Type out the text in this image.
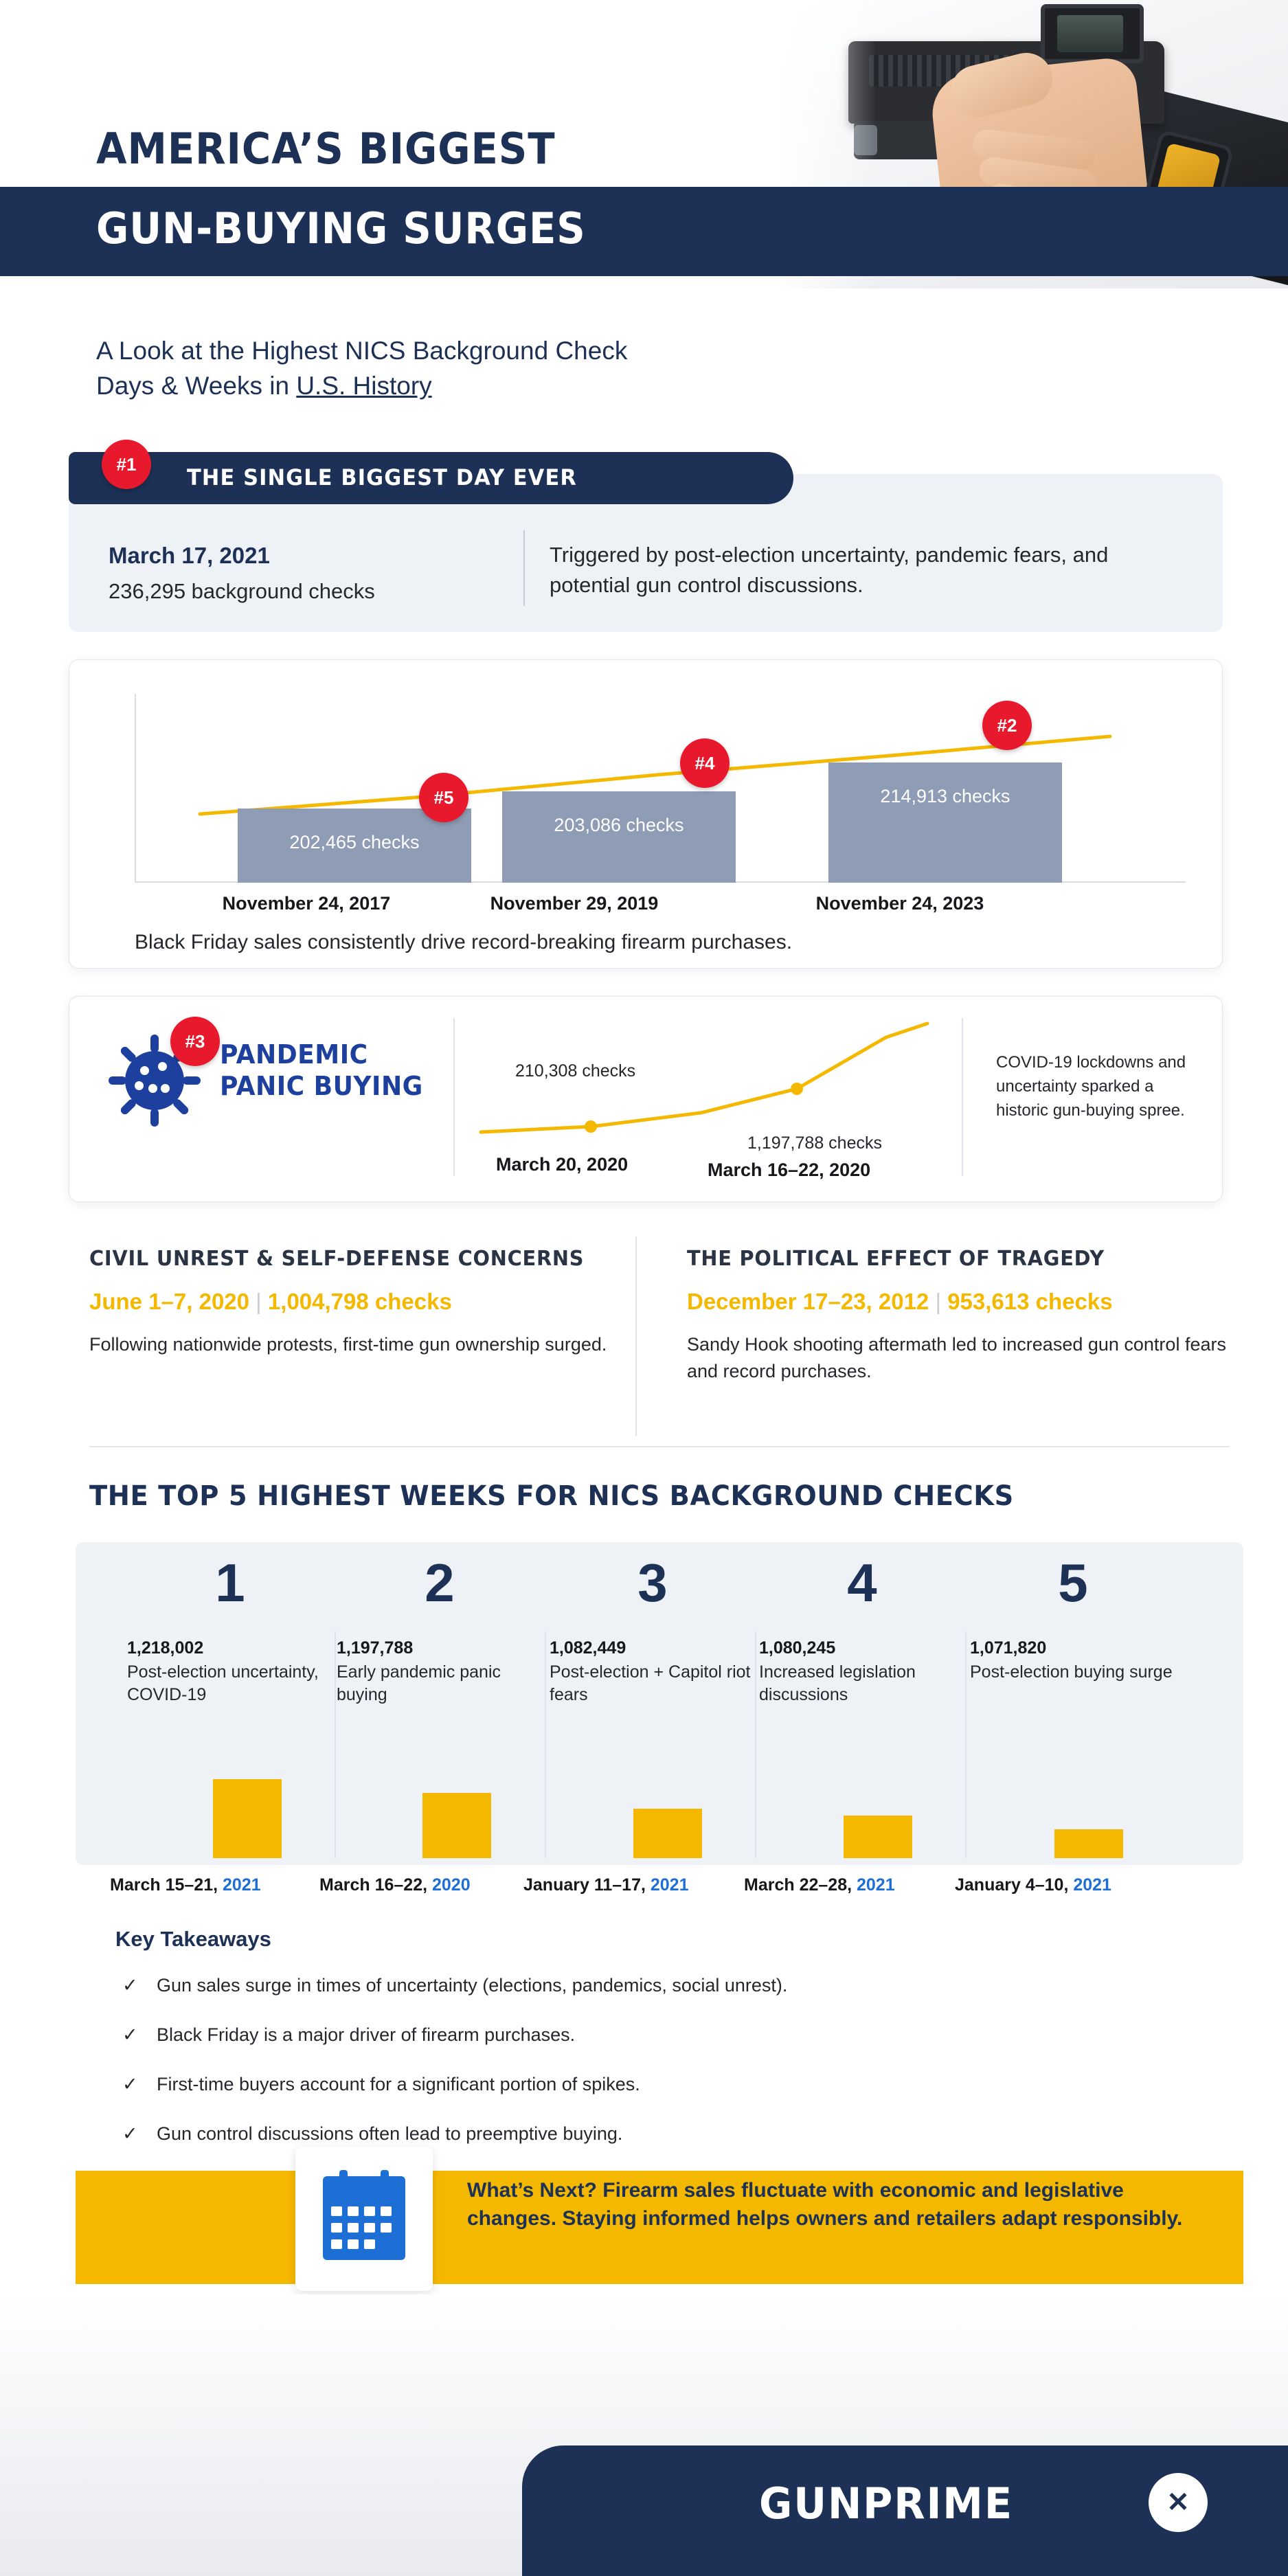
AMERICA’S BIGGEST
GUN-BUYING SURGES
A Look at the Highest NICS Background Check
Days & Weeks in U.S. History
THE SINGLE BIGGEST DAY EVER
#1
March 17, 2021
236,295 background checks
Triggered by post-election uncertainty, pandemic fears, and potential gun control discussions.
202,465 checks
203,086 checks
214,913 checks
#5
#4
#2
November 24, 2017	November 29, 2019	November 24, 2023
Black Friday sales consistently drive record-breaking firearm purchases.
#3 PANDEMIC
PANIC BUYING
210,308 checks
1,197,788 checks
March 20, 2020	March 16–22, 2020
COVID-19 lockdowns and uncertainty sparked a historic gun-buying spree.
CIVIL UNREST & SELF-DEFENSE CONCERNS
June 1–7, 2020 | 1,004,798 checks
Following nationwide protests, first-time gun ownership surged.
THE POLITICAL EFFECT OF TRAGEDY
December 17–23, 2012 | 953,613 checks
Sandy Hook shooting aftermath led to increased gun control fears and record purchases.
THE TOP 5 HIGHEST WEEKS FOR NICS BACKGROUND CHECKS
1
1,218,002
Post-election uncertainty, COVID-19
2
1,197,788
Early pandemic panic buying
3
1,082,449
Post-election + Capitol riot fears
4
1,080,245
Increased legislation discussions
5
1,071,820
Post-election buying surge
March 15–21, 2021	March 16–22, 2020	January 11–17, 2021	March 22–28, 2021	January 4–10, 2021
Key Takeaways
✓ Gun sales surge in times of uncertainty (elections, pandemics, social unrest).
✓ Black Friday is a major driver of firearm purchases.
✓ First-time buyers account for a significant portion of spikes.
✓ Gun control discussions often lead to preemptive buying.
What’s Next? Firearm sales fluctuate with economic and legislative changes. Staying informed helps owners and retailers adapt responsibly.
GUNPRIME	✕
